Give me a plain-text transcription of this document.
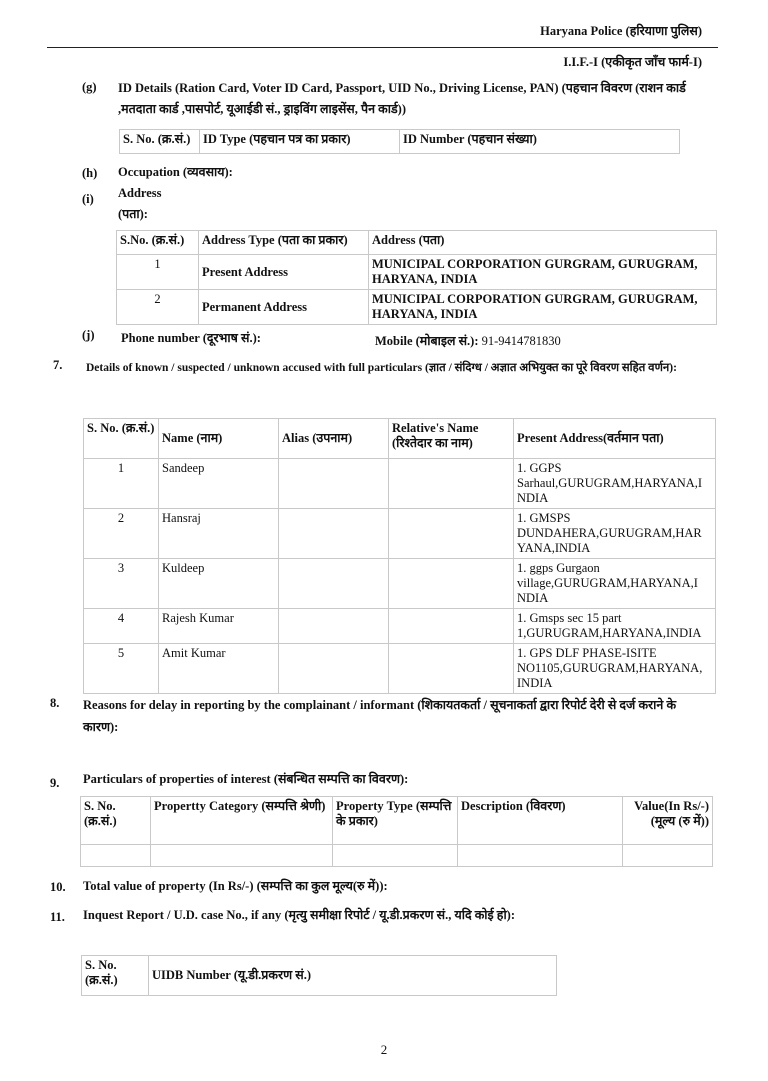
Haryana Police (हरियाणा पुलिस)
I.I.F.-I (एकीकृत जाँच फार्म-I)
(g) ID Details (Ration Card, Voter ID Card, Passport, UID No., Driving License, PAN) (पहचान विवरण (राशन कार्ड ,मतदाता कार्ड ,पासपोर्ट, यूआईडी सं., ड्राइविंग लाइसेंस, पैन कार्ड))
S. No. (क्र.सं.)	ID Type (पहचान पत्र का प्रकार)	ID Number (पहचान संख्या)
(h) Occupation (व्यवसाय):
(i) Address
(पता):
S.No. (क्र.सं.)	Address Type (पता का प्रकार)	Address (पता)
1	Present Address	MUNICIPAL CORPORATION GURGRAM, GURUGRAM, HARYANA, INDIA
2	Permanent Address	MUNICIPAL CORPORATION GURGRAM, GURUGRAM, HARYANA, INDIA
(j) Phone number (दूरभाष सं.):	Mobile (मोबाइल सं.): 91-9414781830
7. Details of known / suspected / unknown accused with full particulars (ज्ञात / संदिग्ध / अज्ञात अभियुक्त का पूरे विवरण सहित वर्णन):
S. No. (क्र.सं.)	Name (नाम)	Alias (उपनाम)	Relative's Name (रिश्तेदार का नाम)	Present Address(वर्तमान पता)
1	Sandeep			1. GGPS Sarhaul,GURUGRAM,HARYANA,I NDIA
2	Hansraj			1. GMSPS DUNDAHERA,GURUGRAM,HAR YANA,INDIA
3	Kuldeep			1. ggps Gurgaon village,GURUGRAM,HARYANA,I NDIA
4	Rajesh Kumar			1. Gmsps sec 15 part 1,GURUGRAM,HARYANA,INDIA
5	Amit Kumar			1. GPS DLF PHASE-ISITE NO1105,GURUGRAM,HARYANA, INDIA
8. Reasons for delay in reporting by the complainant / informant (शिकायतकर्ता / सूचनाकर्ता द्वारा रिपोर्ट देरी से दर्ज कराने के कारण):
9. Particulars of properties of interest (संबन्धित सम्पत्ति का विवरण):
S. No. (क्र.सं.)	Propertty Category (सम्पत्ति श्रेणी)	Property Type (सम्पत्ति के प्रकार)	Description (विवरण)	Value(In Rs/-) (मूल्य (रु में))

10. Total value of property (In Rs/-) (सम्पत्ति का कुल मूल्य(रु में)):
11. Inquest Report / U.D. case No., if any (मृत्यु समीक्षा रिपोर्ट / यू.डी.प्रकरण सं., यदि कोई हो):
S. No. (क्र.सं.)	UIDB Number (यू.डी.प्रकरण सं.)
2
